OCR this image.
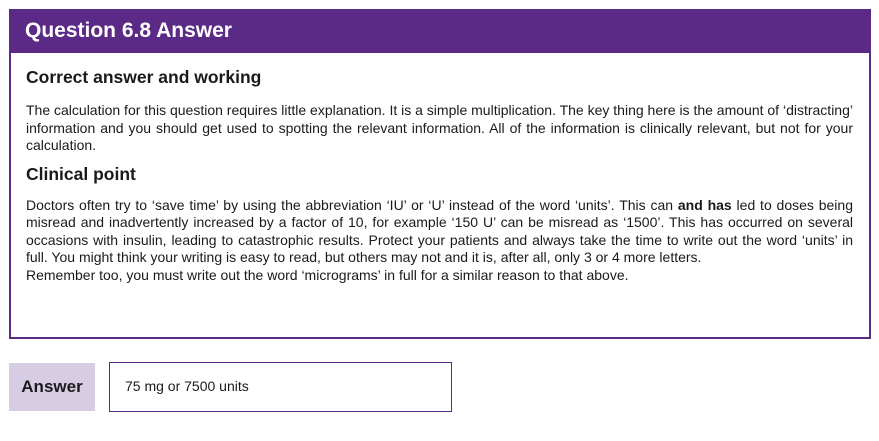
Question 6.8 Answer
Correct answer and working

The calculation for this question requires little explanation. It is a simple multiplication. The key thing here is the amount of ‘distracting’ information and you should get used to spotting the relevant information. All of the information is clinically relevant, but not for your calculation.

Clinical point

Doctors often try to ‘save time’ by using the abbreviation ‘IU’ or ‘U’ instead of the word ‘units’. This can and has led to doses being misread and inadvertently increased by a factor of 10, for example ‘150 U’ can be misread as ‘1500’. This has occurred on several occasions with insulin, leading to catastrophic results. Protect your patients and always take the time to write out the word ‘units’ in full. You might think your writing is easy to read, but others may not and it is, after all, only 3 or 4 more letters.

Remember too, you must write out the word ‘micrograms’ in full for a similar reason to that above.

Answer	75 mg or 7500 units
